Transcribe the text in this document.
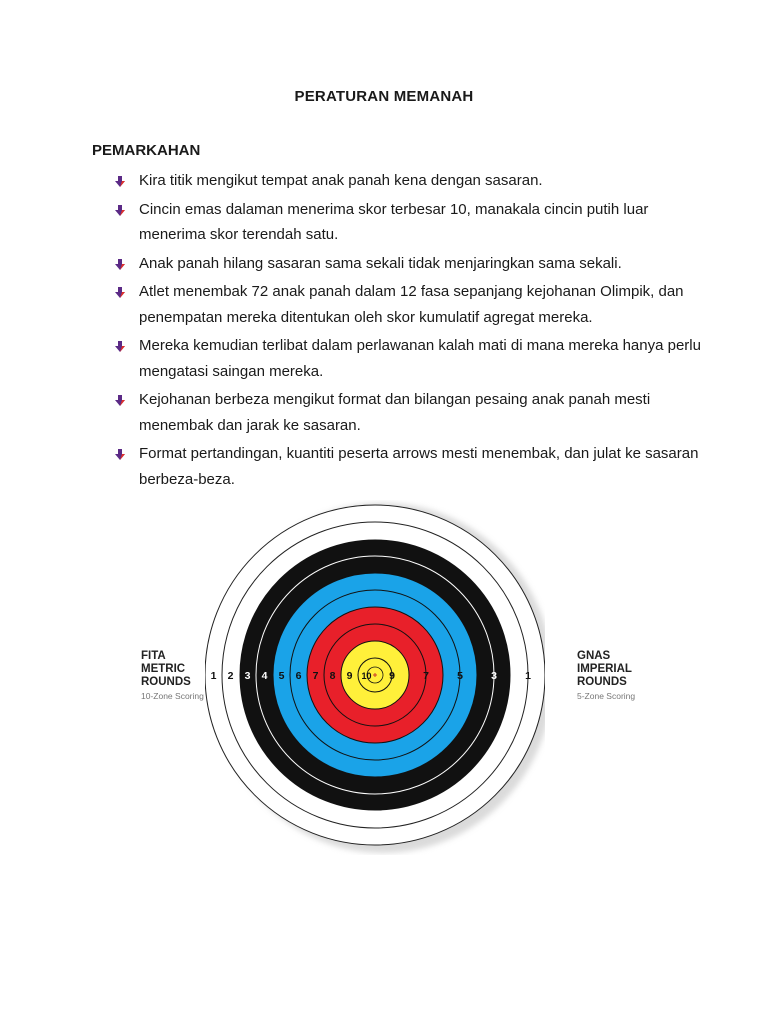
PERATURAN MEMANAH
PEMARKAHAN
Kira titik mengikut tempat anak panah kena dengan sasaran.
Cincin emas dalaman menerima skor terbesar 10, manakala cincin putih luar menerima skor terendah satu.
Anak panah hilang sasaran sama sekali tidak menjaringkan sama sekali.
Atlet menembak 72 anak panah dalam 12 fasa sepanjang kejohanan Olimpik, dan penempatan mereka ditentukan oleh skor kumulatif agregat mereka.
Mereka kemudian terlibat dalam perlawanan kalah mati di mana mereka hanya perlu mengatasi saingan mereka.
Kejohanan berbeza mengikut format dan bilangan pesaing anak panah mesti menembak dan jarak ke sasaran.
Format pertandingan, kuantiti peserta arrows mesti menembak, dan julat ke sasaran berbeza-beza.
FITA
METRIC
ROUNDS
10-Zone Scoring
1 2 3 4 5 6 7 8 9 10 9	7	5	3	1
GNAS
IMPERIAL
ROUNDS
5-Zone Scoring
